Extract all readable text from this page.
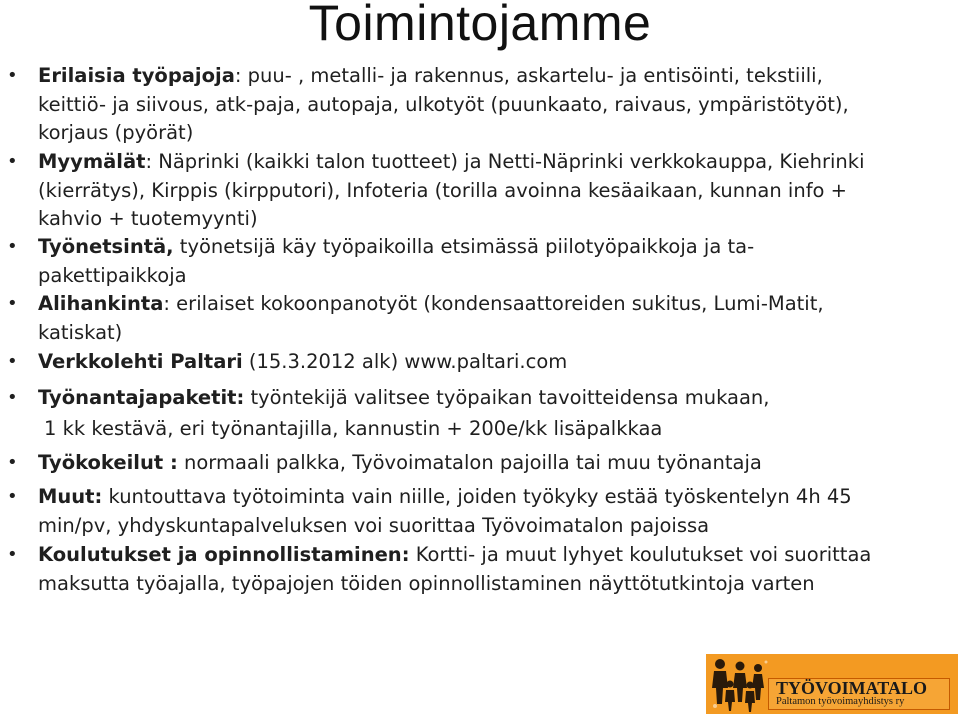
Toimintojamme
• Erilaisia työpajoja: puu- , metalli- ja rakennus, askartelu- ja entisöinti, tekstiili, keittiö- ja siivous, atk-paja, autopaja, ulkotyöt (puunkaato, raivaus, ympäristötyöt), korjaus (pyörät)
• Myymälät: Näprinki (kaikki talon tuotteet) ja Netti-Näprinki verkkokauppa, Kiehrinki (kierrätys), Kirppis (kirpputori), Infoteria (torilla avoinna kesäaikaan, kunnan info + kahvio + tuotemyynti)
• Työnetsintä, työnetsijä käy työpaikoilla etsimässä piilotyöpaikkoja ja ta-pakettipaikkoja
• Alihankinta: erilaiset kokoonpanotyöt (kondensaattoreiden sukitus, Lumi-Matit, katiskat)
• Verkkolehti Paltari (15.3.2012 alk) www.paltari.com
• Työnantajapaketit: työntekijä valitsee työpaikan tavoitteidensa mukaan,
1 kk kestävä, eri työnantajilla, kannustin + 200e/kk lisäpalkkaa
• Työkokeilut : normaali palkka, Työvoimatalon pajoilla tai muu työnantaja
• Muut: kuntouttava työtoiminta vain niille, joiden työkyky estää työskentelyn 4h 45 min/pv, yhdyskuntapalveluksen voi suorittaa Työvoimatalon pajoissa
• Koulutukset ja opinnollistaminen: Kortti- ja muut lyhyet koulutukset voi suorittaa maksutta työajalla, työpajojen töiden opinnollistaminen näyttötutkintoja varten
TYÖVOIMATALO
Paltamon työvoimayhdistys ry
